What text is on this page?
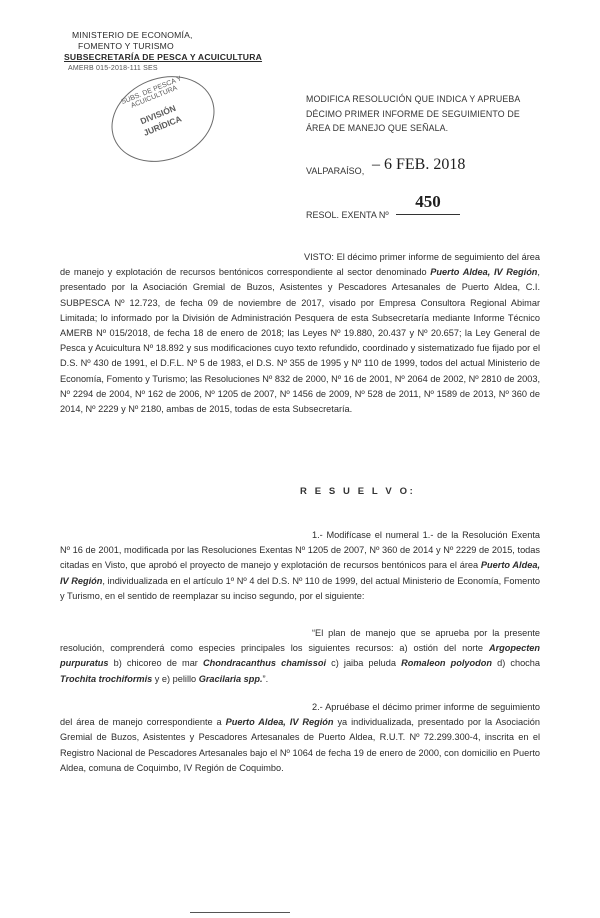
MINISTERIO DE ECONOMÍA,
FOMENTO Y TURISMO
SUBSECRETARÍA DE PESCA Y ACUICULTURA
AMERB 015-2018-111 SES
SUBS. DE PESCA Y ACUICULTURA
DIVISIÓN JURÍDICA
MODIFICA RESOLUCIÓN QUE INDICA Y APRUEBA DÉCIMO PRIMER INFORME DE SEGUIMIENTO DE ÁREA DE MANEJO QUE SEÑALA.
VALPARAÍSO, – 6 FEB. 2018
RESOL. EXENTA Nº
450

VISTO: El décimo primer informe de seguimiento del área de manejo y explotación de recursos bentónicos correspondiente al sector denominado Puerto Aldea, IV Región, presentado por la Asociación Gremial de Buzos, Asistentes y Pescadores Artesanales de Puerto Aldea, C.I. SUBPESCA Nº 12.723, de fecha 09 de noviembre de 2017, visado por Empresa Consultora Regional Abimar Limitada; lo informado por la División de Administración Pesquera de esta Subsecretaría mediante Informe Técnico AMERB Nº 015/2018, de fecha 18 de enero de 2018; las Leyes Nº 19.880, 20.437 y Nº 20.657; la Ley General de Pesca y Acuicultura Nº 18.892 y sus modificaciones cuyo texto refundido, coordinado y sistematizado fue fijado por el D.S. Nº 430 de 1991, el D.F.L. Nº 5 de 1983, el D.S. Nº 355 de 1995 y Nº 110 de 1999, todos del actual Ministerio de Economía, Fomento y Turismo; las Resoluciones Nº 832 de 2000, Nº 16 de 2001, Nº 2064 de 2002, Nº 2810 de 2003, Nº 2294 de 2004, Nº 162 de 2006, Nº 1205 de 2007, Nº 1456 de 2009, Nº 528 de 2011, Nº 1589 de 2013, Nº 360 de 2014, Nº 2229 y Nº 2180, ambas de 2015, todas de esta Subsecretaría.

R E S U E L V O:

1.- Modifícase el numeral 1.- de la Resolución Exenta Nº 16 de 2001, modificada por las Resoluciones Exentas Nº 1205 de 2007, Nº 360 de 2014 y Nº 2229 de 2015, todas citadas en Visto, que aprobó el proyecto de manejo y explotación de recursos bentónicos para el área Puerto Aldea, IV Región, individualizada en el artículo 1º Nº 4 del D.S. Nº 110 de 1999, del actual Ministerio de Economía, Fomento y Turismo, en el sentido de reemplazar su inciso segundo, por el siguiente:

“El plan de manejo que se aprueba por la presente resolución, comprenderá como especies principales los siguientes recursos: a) ostión del norte Argopecten purpuratus b) chicoreo de mar Chondracanthus chamissoi c) jaiba peluda Romaleon polyodon d) chocha Trochita trochiformis y e) pelillo Gracilaria spp.”.

2.- Apruébase el décimo primer informe de seguimiento del área de manejo correspondiente a Puerto Aldea, IV Región ya individualizada, presentado por la Asociación Gremial de Buzos, Asistentes y Pescadores Artesanales de Puerto Aldea, R.U.T. Nº 72.299.300-4, inscrita en el Registro Nacional de Pescadores Artesanales bajo el Nº 1064 de fecha 19 de enero de 2000, con domicilio en Puerto Aldea, comuna de Coquimbo, IV Región de Coquimbo.
